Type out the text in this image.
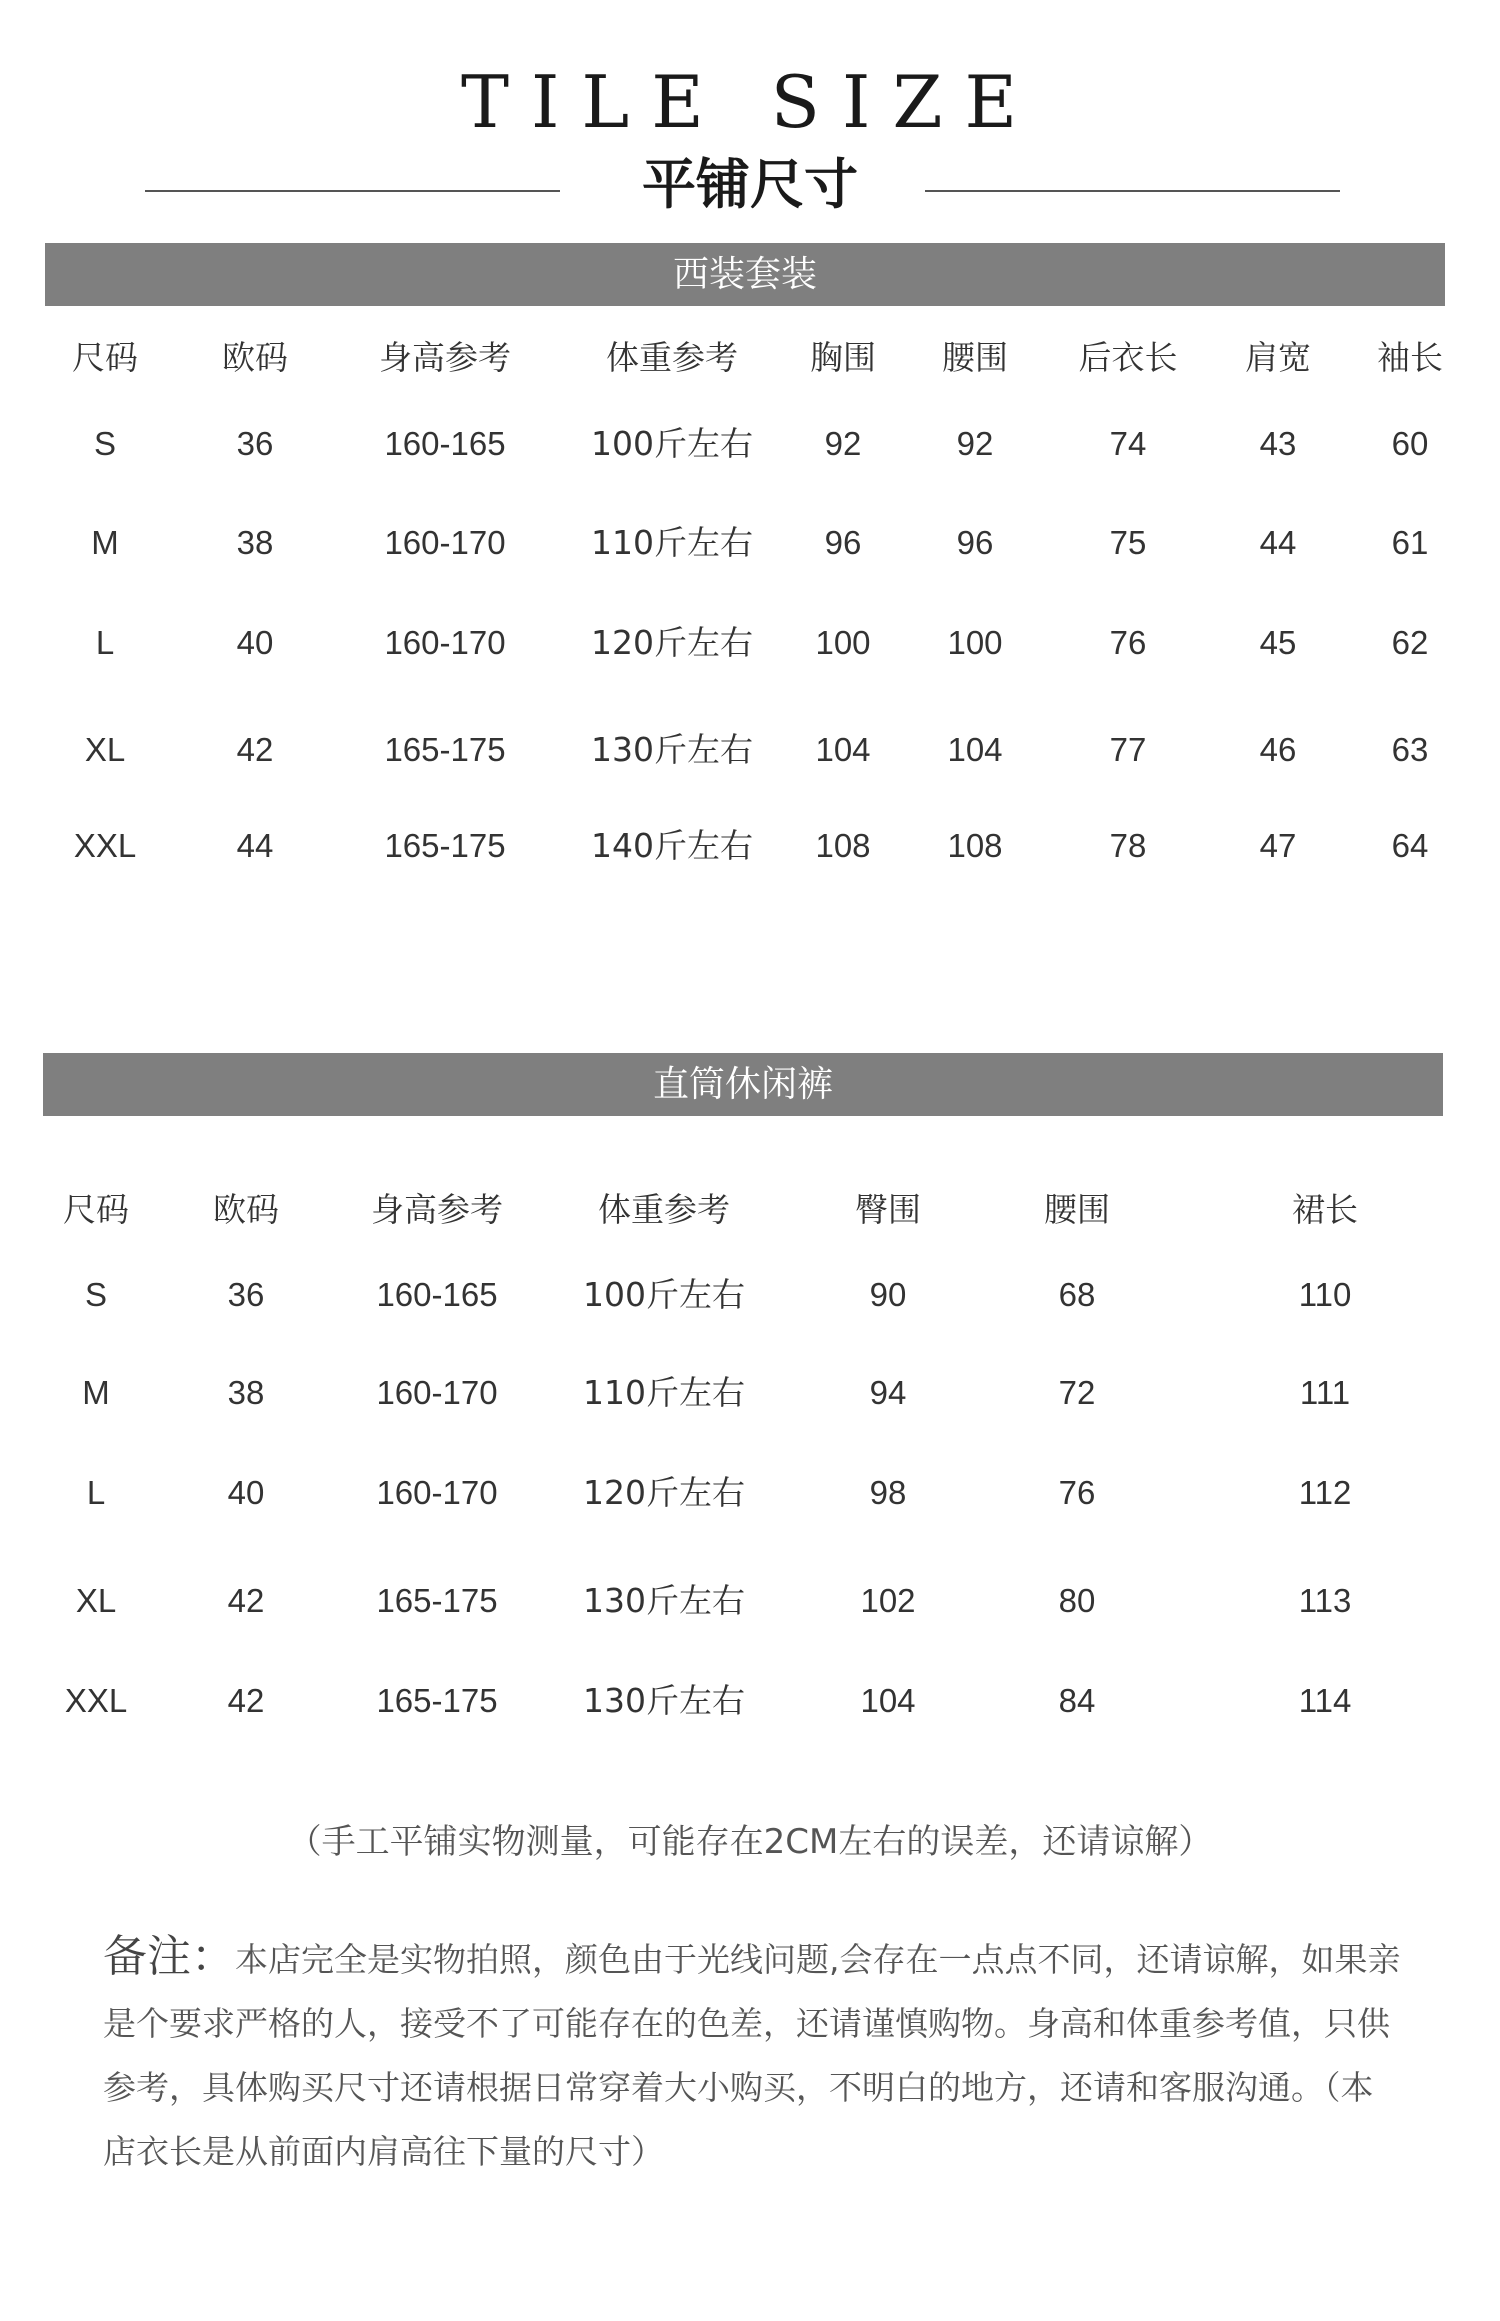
TILE SIZE
平铺尺寸
西装套装
尺码	欧码	身高参考	体重参考 胸围 腰围 后衣长 肩宽 袖长
S	36	160-165	100斤左右 92	92	74	43	60
M	38	160-170	110斤左右 96	96	75	44	61
L	40	160-170	120斤左右 100 100	76	45	62
XL	42	165-175	130斤左右 104 104	77	46	63
XXL	44	165-175	140斤左右 108 108	78	47	64
直筒休闲裤
尺码	欧码	身高参考	体重参考	臀围	腰围	裙长
S	36	160-165	100斤左右	90	68	110
M	38	160-170	110斤左右	94	72	111
L	40	160-170	120斤左右	98	76	112
XL	42	165-175	130斤左右	102	80	113
XXL	42	165-175	130斤左右	104	84	114
（手工平铺实物测量，可能存在2CM左右的误差，还请谅解）
备注：本店完全是实物拍照，颜色由于光线问题,会存在一点点不同，还请谅解，如果亲是个要求严格的人，接受不了可能存在的色差，还请谨慎购物。身高和体重参考值，只供参考，具体购买尺寸还请根据日常穿着大小购买，不明白的地方，还请和客服沟通。（本店衣长是从前面内肩高往下量的尺寸）
